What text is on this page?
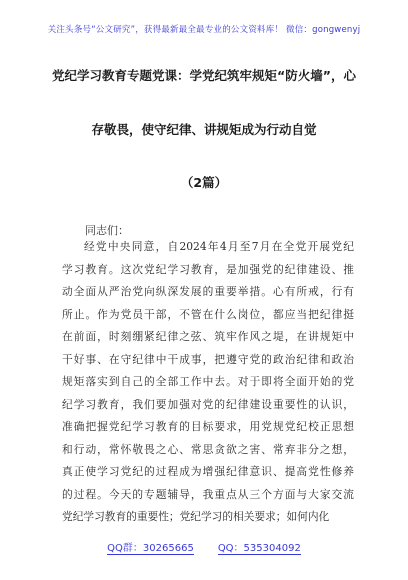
关注头条号“公文研究”，获得最新最全最专业的公文资料库！ 微信：gongwenyj
党纪学习教育专题党课：学党纪筑牢规矩“防火墙”，心
存敬畏，使守纪律、讲规矩成为行动自觉
（2篇）
同志们：
经党中央同意，自2024年4月至7月在全党开展党纪
学习教育。这次党纪学习教育，是加强党的纪律建设、推
动全面从严治党向纵深发展的重要举措。心有所戒，行有
所止。作为党员干部，不管在什么岗位，都应当把纪律挺
在前面，时刻绷紧纪律之弦、筑牢作风之堤，在讲规矩中
干好事、在守纪律中干成事，把遵守党的政治纪律和政治
规矩落实到自己的全部工作中去。对于即将全面开始的党
纪学习教育，我们要加强对党的纪律建设重要性的认识，
准确把握党纪学习教育的目标要求，用党规党纪校正思想
和行动，常怀敬畏之心、常思贪欲之害、常弃非分之想，
真正使学习党纪的过程成为增强纪律意识、提高党性修养
的过程。今天的专题辅导，我重点从三个方面与大家交流
党纪学习教育的重要性；党纪学习的相关要求；如何内化
QQ群：30265665 QQ：535304092
